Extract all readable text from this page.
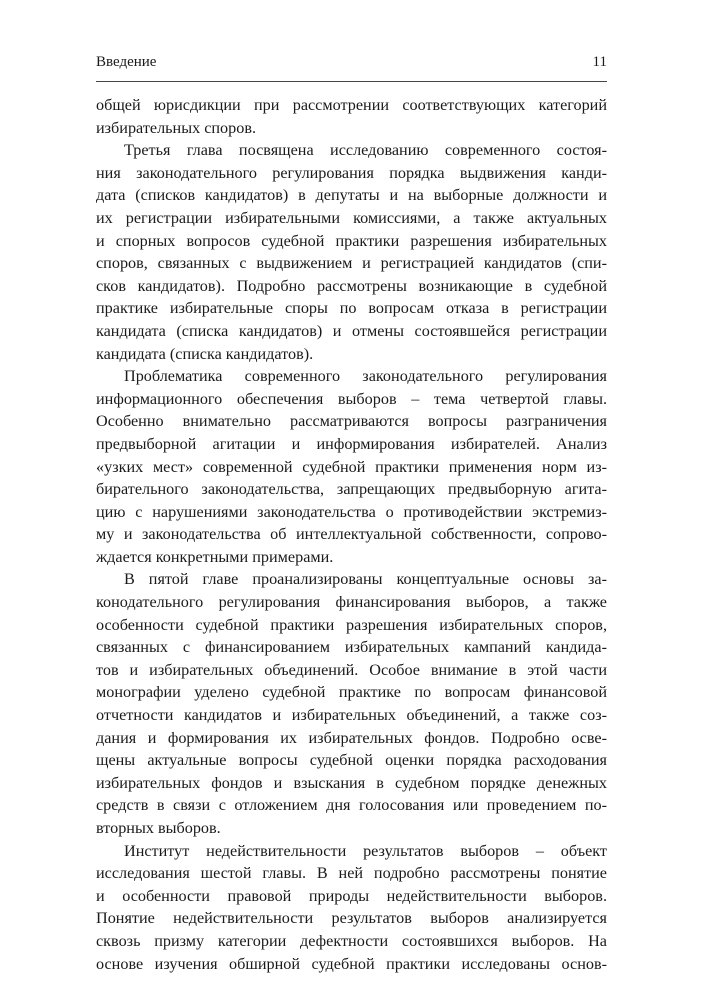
Введение	11

общей юрисдикции при рассмотрении соответствующих категорий
избирательных споров.

Третья глава посвящена исследованию современного состоя-
ния законодательного регулирования порядка выдвижения канди-
дата (списков кандидатов) в депутаты и на выборные должности и
их регистрации избирательными комиссиями, а также актуальных
и спорных вопросов судебной практики разрешения избирательных
споров, связанных с выдвижением и регистрацией кандидатов (спи-
сков кандидатов). Подробно рассмотрены возникающие в судебной
практике избирательные споры по вопросам отказа в регистрации
кандидата (списка кандидатов) и отмены состоявшейся регистрации
кандидата (списка кандидатов).

Проблематика современного законодательного регулирования
информационного обеспечения выборов – тема четвертой главы.
Особенно внимательно рассматриваются вопросы разграничения
предвыборной агитации и информирования избирателей. Анализ
«узких мест» современной судебной практики применения норм из-
бирательного законодательства, запрещающих предвыборную агита-
цию с нарушениями законодательства о противодействии экстремиз-
му и законодательства об интеллектуальной собственности, сопрово-
ждается конкретными примерами.

В пятой главе проанализированы концептуальные основы за-
конодательного регулирования финансирования выборов, а также
особенности судебной практики разрешения избирательных споров,
связанных с финансированием избирательных кампаний кандида-
тов и избирательных объединений. Особое внимание в этой части
монографии уделено судебной практике по вопросам финансовой
отчетности кандидатов и избирательных объединений, а также соз-
дания и формирования их избирательных фондов. Подробно осве-
щены актуальные вопросы судебной оценки порядка расходования
избирательных фондов и взыскания в судебном порядке денежных
средств в связи с отложением дня голосования или проведением по-
вторных выборов.

Институт недействительности результатов выборов – объект
исследования шестой главы. В ней подробно рассмотрены понятие
и особенности правовой природы недействительности выборов.
Понятие недействительности результатов выборов анализируется
сквозь призму категории дефектности состоявшихся выборов. На
основе изучения обширной судебной практики исследованы основ-
